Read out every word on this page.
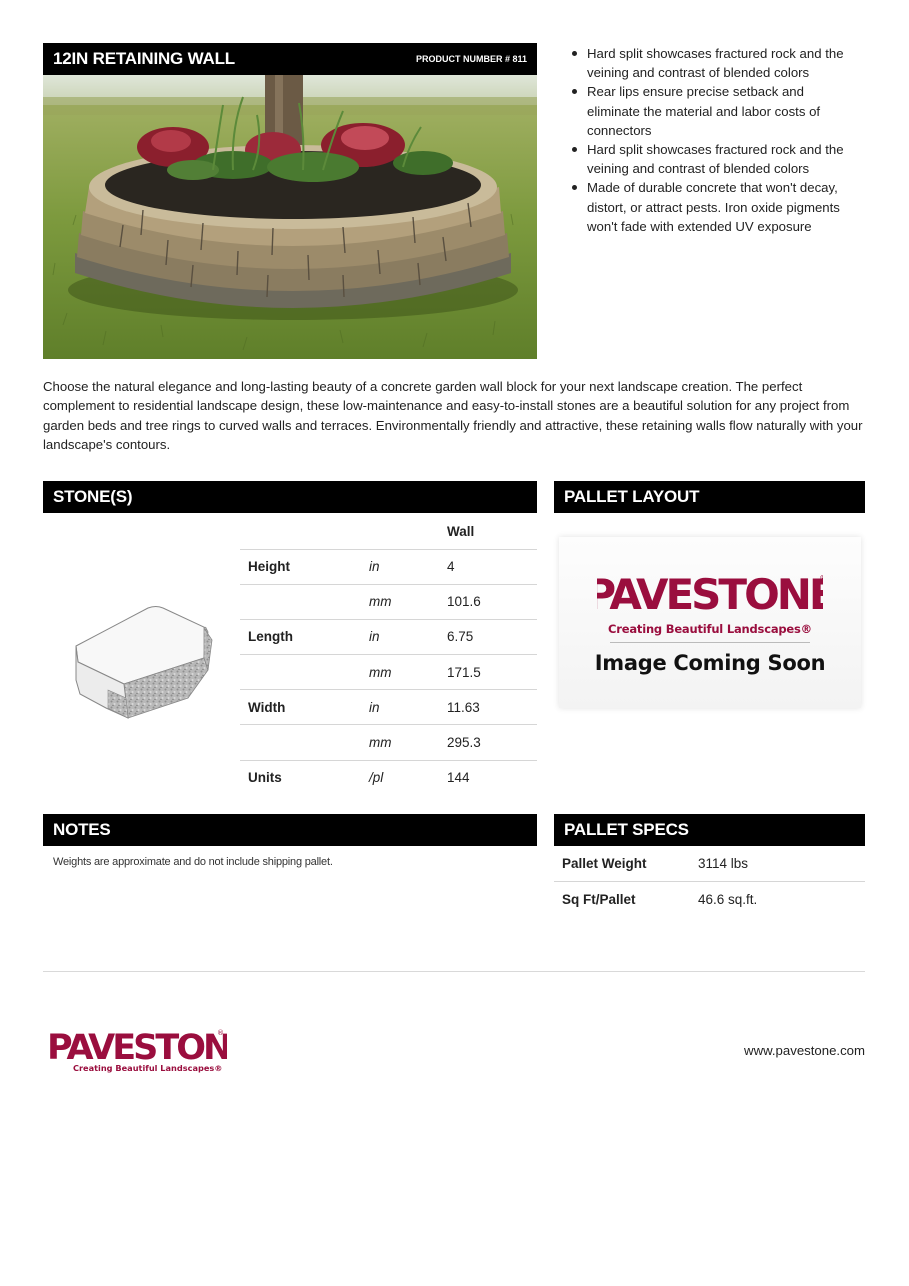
12IN RETAINING WALL	PRODUCT NUMBER # 811	Hard split showcases fractured rock and the veining and contrast of blended colors
Rear lips ensure precise setback and eliminate the material and labor costs of connectors
Hard split showcases fractured rock and the veining and contrast of blended colors
Made of durable concrete that won't decay, distort, or attract pests. Iron oxide pigments won't fade with extended UV exposure

Choose the natural elegance and long-lasting beauty of a concrete garden wall block for your next landscape creation. The perfect complement to residential landscape design, these low-maintenance and easy-to-install stones are a beautiful solution for any project from garden beds and tree rings to curved walls and terraces. Environmentally friendly and attractive, these retaining walls flow naturally with your landscape's contours.

STONE(S)
		Wall
Height	in	4
	mm	101.6
Length	in	6.75
	mm	171.5
Width	in	11.63
	mm	295.3
Units	/pl	144
PALLET LAYOUT
PAVESTONE
®
Creating Beautiful Landscapes®
Image Coming Soon
NOTES
Weights are approximate and do not include shipping pallet.
PALLET SPECS
Pallet Weight	3114 lbs
Sq Ft/Pallet	46.6 sq.ft.
PAVESTON
®
Creating Beautiful Landscapes®
www.pavestone.com
